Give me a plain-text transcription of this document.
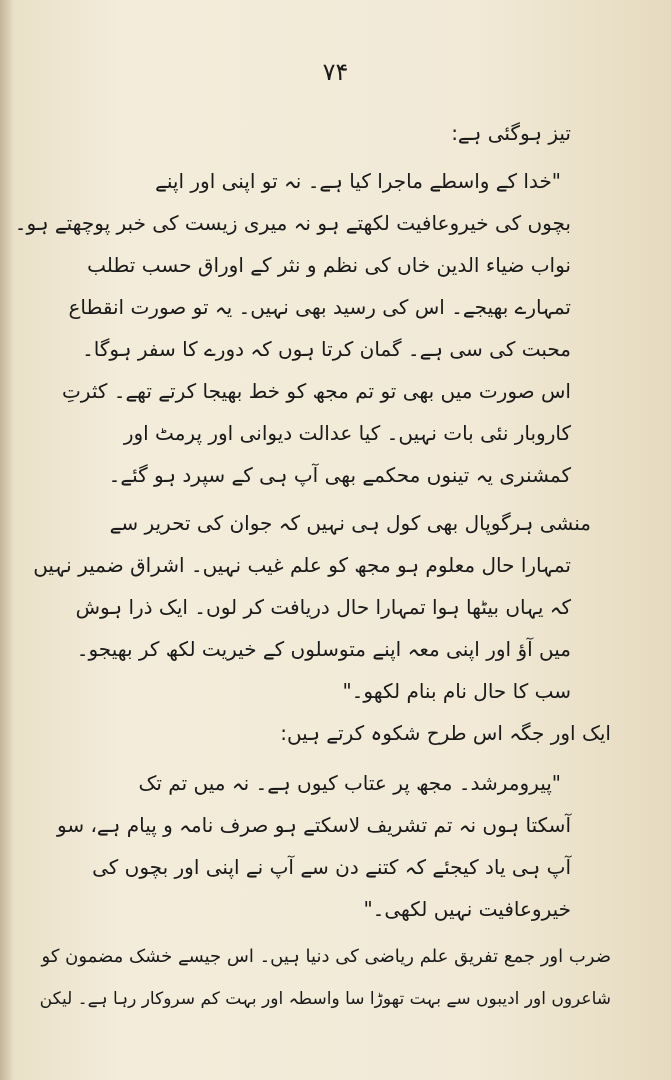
۷۴
تیز ہوگئی ہے:
"خدا کے واسطے ماجرا کیا ہے۔ نہ تو اپنی اور اپنے
بچوں کی خیروعافیت لکھتے ہو نہ میری زیست کی خبر پوچھتے ہو۔
نواب ضیاء الدین خاں کی نظم و نثر کے اوراق حسب تطلب
تمہارے بھیجے۔ اس کی رسید بھی نہیں۔ یہ تو صورت انقطاع
محبت کی سی ہے۔ گمان کرتا ہوں کہ دورے کا سفر ہوگا۔
اس صورت میں بھی تو تم مجھ کو خط بھیجا کرتے تھے۔ کثرتِ
کاروبار نئی بات نہیں۔ کیا عدالت دیوانی اور پرمٹ اور
کمشنری یہ تینوں محکمے بھی آپ ہی کے سپرد ہو گئے۔
منشی ہرگوپال بھی کول ہی نہیں کہ جوان کی تحریر سے
تمہارا حال معلوم ہو مجھ کو علم غیب نہیں۔ اشراق ضمیر نہیں
کہ یہاں بیٹھا ہوا تمہارا حال دریافت کر لوں۔ ایک ذرا ہوش
میں آؤ اور اپنی معہ اپنے متوسلوں کے خیریت لکھ کر بھیجو۔
سب کا حال نام بنام لکھو۔"
ایک اور جگہ اس طرح شکوہ کرتے ہیں:
"پیرومرشد۔ مجھ پر عتاب کیوں ہے۔ نہ میں تم تک
آسکتا ہوں نہ تم تشریف لاسکتے ہو صرف نامہ و پیام ہے، سو
آپ ہی یاد کیجئے کہ کتنے دن سے آپ نے اپنی اور بچوں کی
خیروعافیت نہیں لکھی۔"
ضرب اور جمع تفریق علم ریاضی کی دنیا ہیں۔ اس جیسے خشک مضمون کو
شاعروں اور ادیبوں سے بہت تھوڑا سا واسطہ اور بہت کم سروکار رہا ہے۔ لیکن
